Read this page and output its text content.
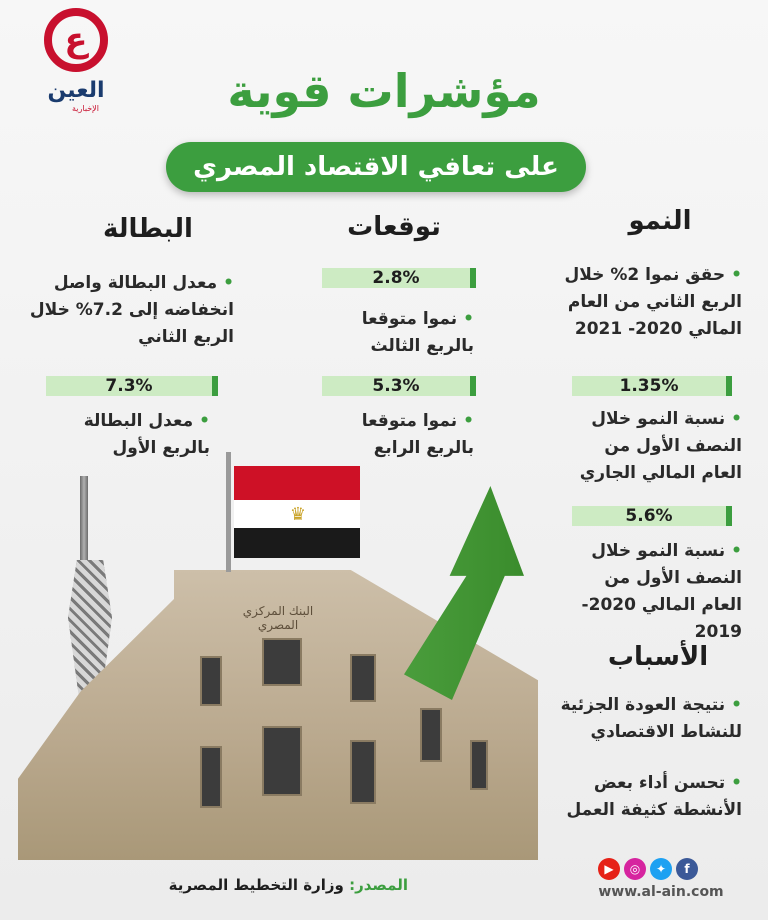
ع
العين
الإخبارية	مؤشرات قوية
على تعافي الاقتصاد المصري
النمو
•حقق نموا 2% خلال الربع الثاني من العام المالي 2020- 2021
1.35%
•نسبة النمو خلال النصف الأول من العام المالي الجاري
5.6%
•نسبة النمو خلال النصف الأول من العام المالي 2020-2019
الأسباب
•نتيجة العودة الجزئية للنشاط الاقتصادي
•تحسن أداء بعض الأنشطة كثيفة العمل
توقعات
2.8%
•نموا متوقعا بالربع الثالث
5.3%
•نموا متوقعا بالربع الرابع
البطالة
•معدل البطالة واصل انخفاضه إلى 7.2% خلال الربع الثاني
7.3%
•معدل البطالة بالربع الأول
البنك المركزي المصري
♛
▶	◎	✦	f
www.al-ain.com
المصدر: وزارة التخطيط المصرية
